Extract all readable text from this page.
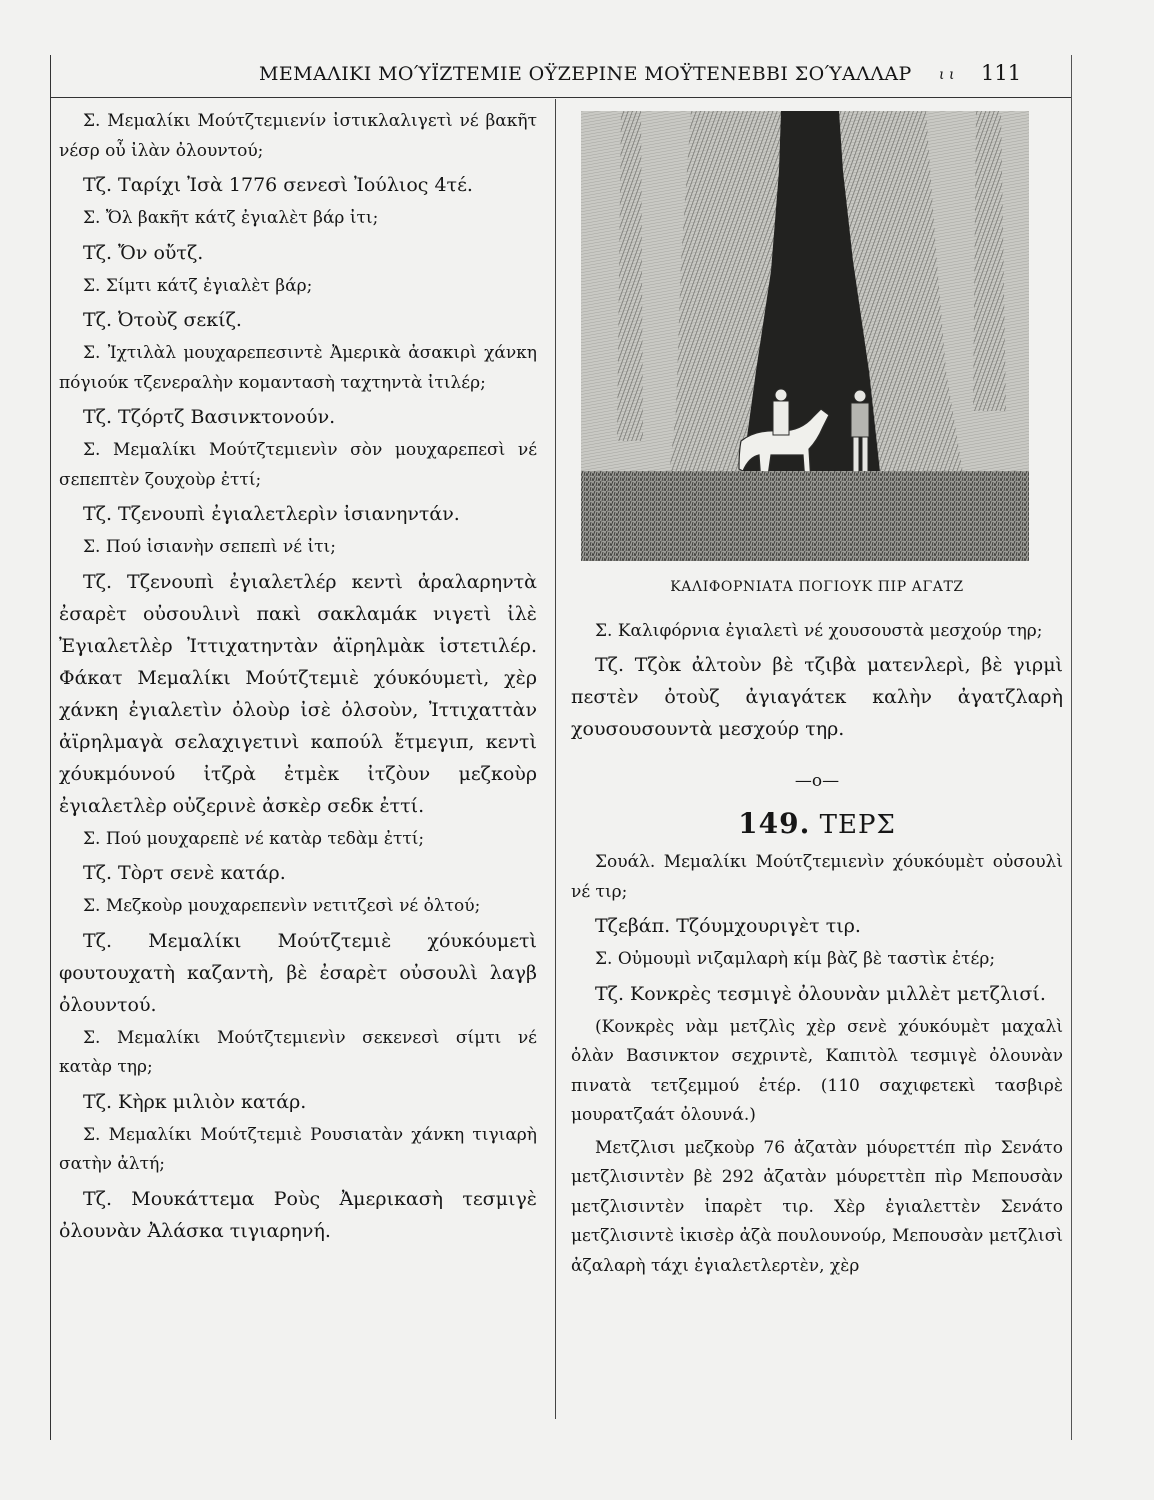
ΜΕΜΑΛΙΚΙ ΜΟΎΪΖΤΕΜΙΕ ΟΫΖΕΡΙΝΕ ΜΟΫΤΕΝΕΒΒΙ ΣΟΎΑΛΛΑΡ ι ι 111

Σ. Μεμαλίκι Μούτζτεμιενίν ἰστικλαλιγετὶ νέ βακῆτ νέσρ οὖ ἰλὰν ὀλουντού;

Τζ. Ταρίχι Ἰσὰ 1776 σενεσὶ Ἰούλιος 4τέ.

Σ. Ὄλ βακῆτ κάτζ ἐγιαλὲτ βάρ ἰτι;

Τζ. Ὄν οὔτζ.

Σ. Σίμτι κάτζ ἐγιαλὲτ βάρ;

Τζ. Ὀτοὺζ σεκίζ.

Σ. Ἰχτιλὰλ μουχαρεπεσιντὲ Ἀμερικὰ ἀσακιρὶ χάνκη πόγιούκ τζενεραλὴν κομαντασὴ ταχτηντὰ ἰτιλέρ;

Τζ. Τζόρτζ Βασινκτονούν.

Σ. Μεμαλίκι Μούτζτεμιενὶν σὸν μουχαρεπεσὶ νέ σεπεπτὲν ζουχοὺρ ἐττί;

Τζ. Τζενουπὶ ἐγιαλετλερὶν ἰσιανηντάν.

Σ. Πού ἰσιανὴν σεπεπὶ νέ ἰτι;

Τζ. Τζενουπὶ ἐγιαλετλέρ κεντὶ ἀραλαρηντὰ ἐσαρὲτ οὐσουλινὶ πακὶ σακλαμάκ νιγετὶ ἰλὲ Ἐγιαλετλὲρ Ἰττιχατηντὰν ἀϊρηλμὰκ ἰστετιλέρ. Φάκατ Μεμαλίκι Μούτζτεμιὲ χόυκόυμετὶ, χὲρ χάνκη ἐγιαλετὶν ὀλοὺρ ἰσὲ ὀλσοὺν, Ἰττιχαττὰν ἀϊρηλμαγὰ σελαχιγετινὶ καπούλ ἔτμεγιπ, κεντὶ χόυκμόυνού ἰτζρὰ ἐτμὲκ ἰτζὸυν μεζκοὺρ ἐγιαλετλὲρ οὐζερινὲ ἀσκὲρ σεδκ ἐττί.

Σ. Πού μουχαρεπὲ νέ κατὰρ τεδὰμ ἐττί;

Τζ. Τὸρτ σενὲ κατάρ.

Σ. Μεζκοὺρ μουχαρεπενὶν νετιτζεσὶ νέ ὀλτού;

Τζ. Μεμαλίκι Μούτζτεμιὲ χόυκόυμετὶ φουτουχατὴ καζαντὴ, βὲ ἐσαρὲτ οὐσουλὶ λαγβ ὀλουντού.

Σ. Μεμαλίκι Μούτζτεμιενὶν σεκενεσὶ σίμτι νέ κατὰρ τηρ;

Τζ. Κὴρκ μιλιὸν κατάρ.

Σ. Μεμαλίκι Μούτζτεμιὲ Ρουσιατὰν χάνκη τιγιαρὴ σατὴν ἀλτή;

Τζ. Μουκάττεμα Ροὺς Ἀμερικασὴ τεσμιγὲ ὀλουνὰν Ἀλάσκα τιγιαρηνή.

ΚΑΛΙΦΟΡΝΙΑΤΑ ΠΟΓΙΟΥΚ ΠΙΡ ΑΓΑΤΖ

Σ. Καλιφόρνια ἐγιαλετὶ νέ χουσουστὰ μεσχούρ τηρ;

Τζ. Τζὸκ ἀλτοὺν βὲ τζιβὰ ματενλερὶ, βὲ γιρμὶ πεστὲν ὀτοὺζ ἀγιαγάτεκ καλὴν ἀγατζλαρὴ χουσουσουντὰ μεσχούρ τηρ.

—o—
149. ΤΕΡΣ

Σουάλ. Μεμαλίκι Μούτζτεμιενὶν χόυκόυμὲτ οὐσουλὶ νέ τιρ;

Τζεβάπ. Τζόυμχουριγὲτ τιρ.

Σ. Οὐμουμὶ νιζαμλαρὴ κίμ βὰζ βὲ ταστὶκ ἐτέρ;

Τζ. Κονκρὲς τεσμιγὲ ὀλουνὰν μιλλὲτ μετζλισί.

(Κονκρὲς νὰμ μετζλὶς χὲρ σενὲ χόυκόυμὲτ μαχαλὶ ὀλὰν Βασινκτον σεχριντὲ, Καπιτὸλ τεσμιγὲ ὀλουνὰν πινατὰ τετζεμμού ἐτέρ. (110 σαχιφετεκὶ τασβιρὲ μουρατζαάτ ὀλουνά.)

Μετζλισι μεζκοὺρ 76 ἀζατὰν μόυρεττέπ πὶρ Σενάτο μετζλισιντὲν βὲ 292 ἀζατὰν μόυρεττὲπ πὶρ Μεπουσὰν μετζλισιντὲν ἰπαρὲτ τιρ. Χὲρ ἐγιαλεττὲν Σενάτο μετζλισιντὲ ἰκισὲρ ἀζὰ πουλουνούρ, Μεπουσὰν μετζλισὶ ἀζαλαρὴ τάχι ἐγιαλετλερτὲν, χὲρ
